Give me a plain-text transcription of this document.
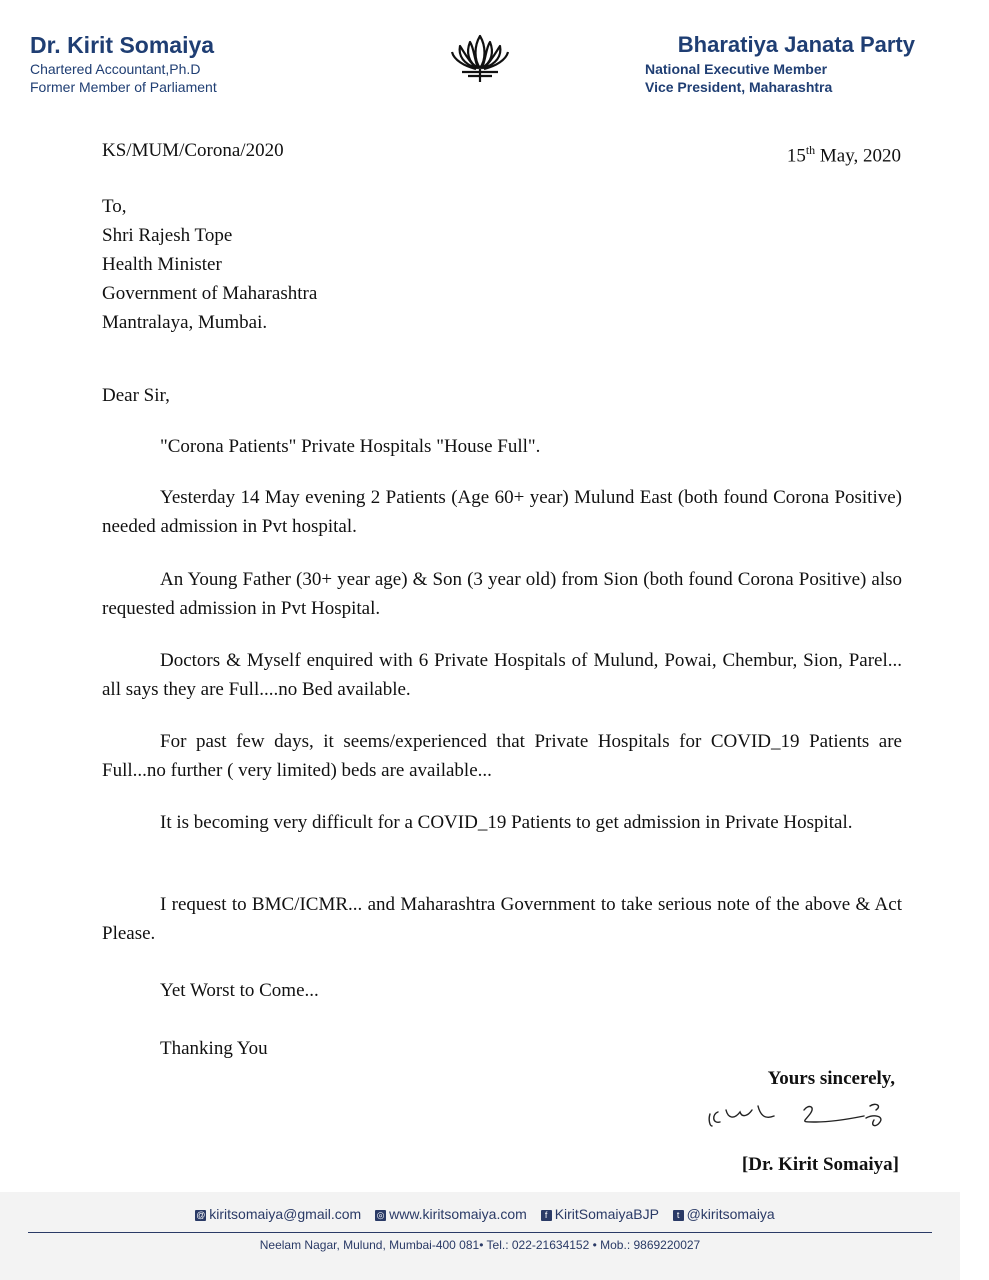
Dr. Kirit Somaiya
Chartered Accountant,Ph.D
Former Member of Parliament
Bharatiya Janata Party
National Executive Member
Vice President, Maharashtra
KS/MUM/Corona/2020	15th May, 2020
To,
Shri Rajesh Tope
Health Minister
Government of Maharashtra
Mantralaya, Mumbai.
Dear Sir,
"Corona Patients" Private Hospitals "House Full".
Yesterday 14 May evening 2 Patients (Age 60+ year) Mulund East (both found Corona Positive) needed admission in Pvt hospital.
An Young Father (30+ year age) & Son (3 year old) from Sion (both found Corona Positive) also requested admission in Pvt Hospital.
Doctors & Myself enquired with 6 Private Hospitals of Mulund, Powai, Chembur, Sion, Parel... all says they are Full....no Bed available.
For past few days, it seems/experienced that Private Hospitals for COVID_19 Patients are Full...no further ( very limited) beds are available...
It is becoming very difficult for a COVID_19 Patients to get admission in Private Hospital.
I request to BMC/ICMR... and Maharashtra Government to take serious note of the above & Act Please.
Yet Worst to Come...
Thanking You
Yours sincerely,
[Dr. Kirit Somaiya]
@ kiritsomaiya@gmail.com ◎ www.kiritsomaiya.com f KiritSomaiyaBJP t @kiritsomaiya
Neelam Nagar, Mulund, Mumbai-400 081• Tel.: 022-21634152 • Mob.: 9869220027
